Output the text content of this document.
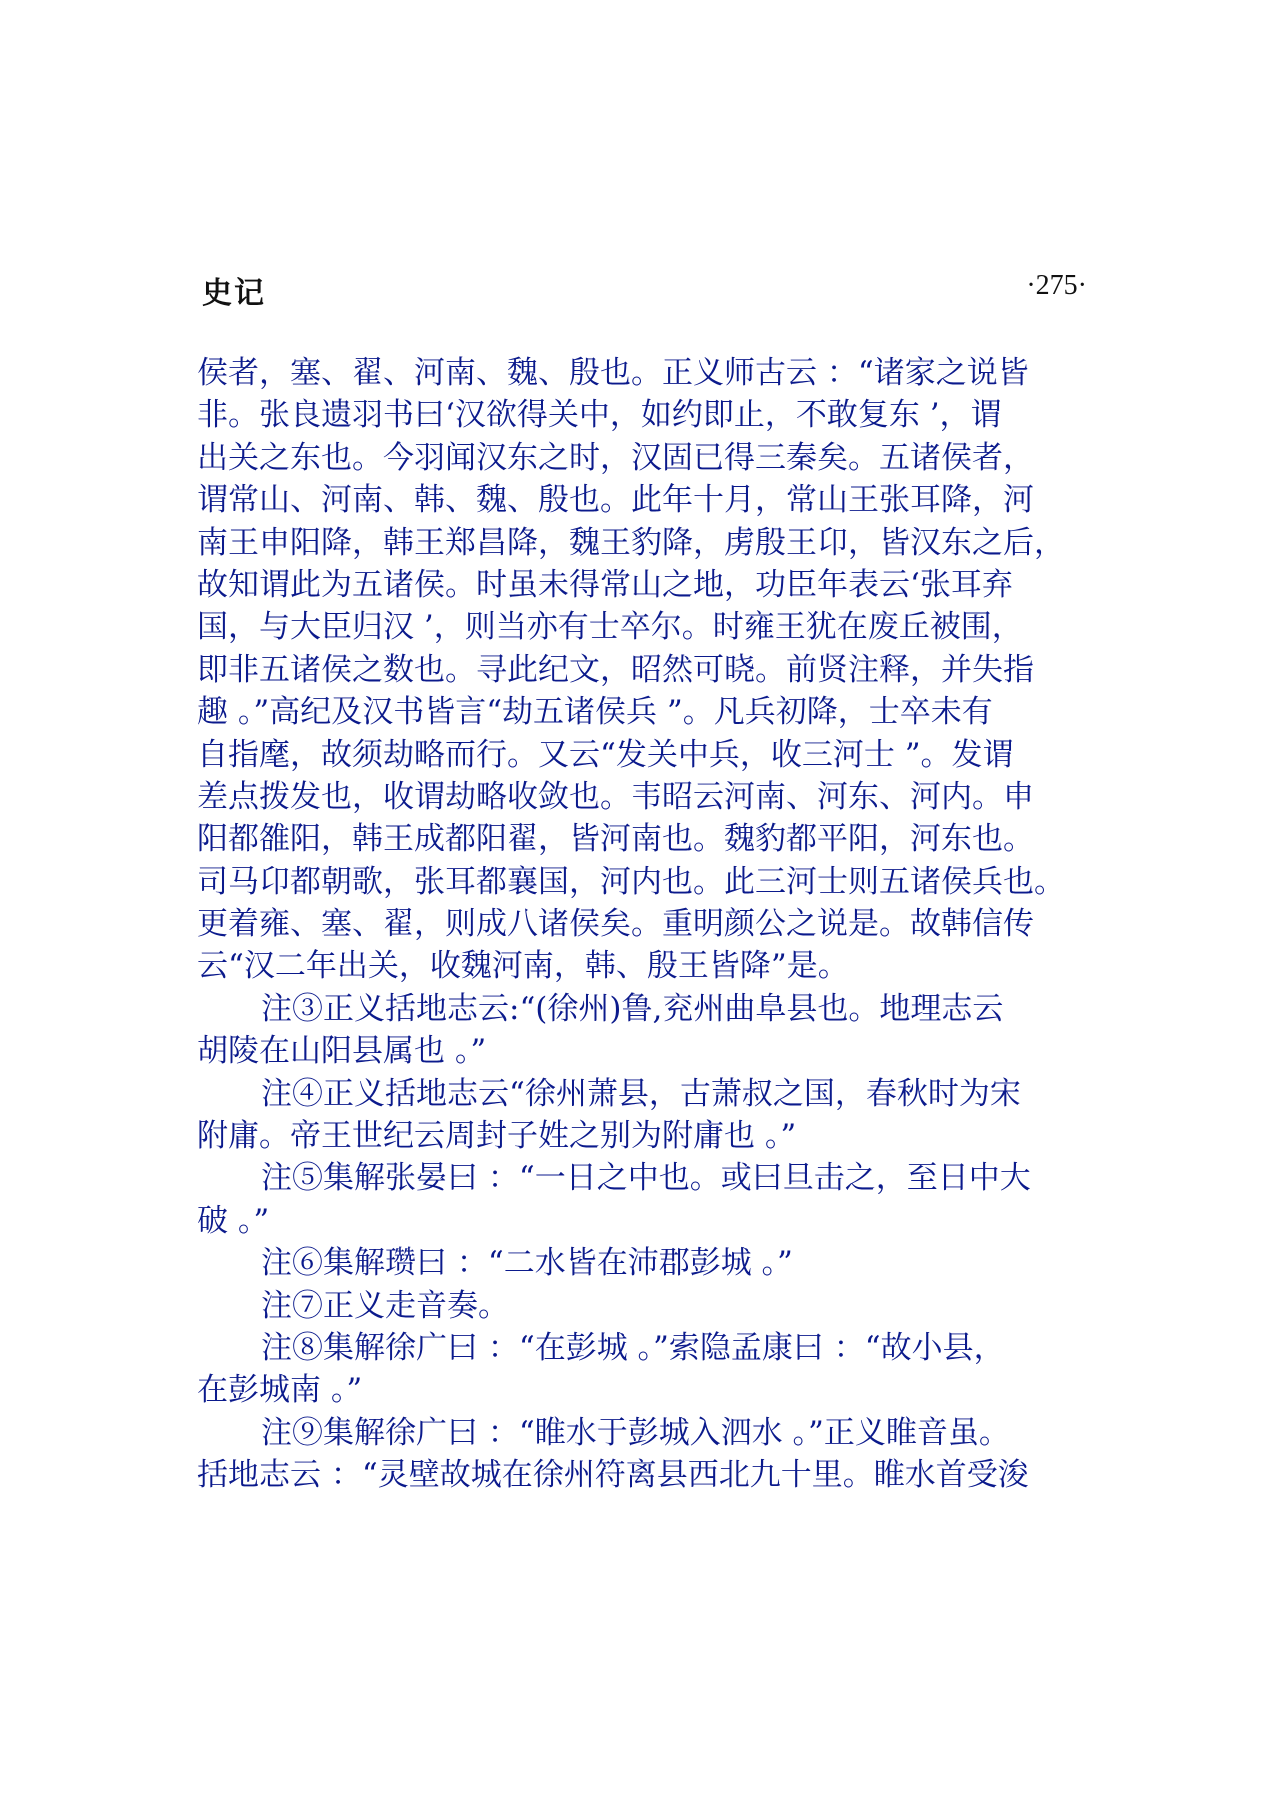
史记	·275·
侯者，塞、翟、河南、魏、殷也。正义师古云 ：“诸家之说皆
非。张良遗羽书曰‘汉欲得关中，如约即止，不敢复东 ’，谓
出关之东也。今羽闻汉东之时，汉固已得三秦矣。五诸侯者，
谓常山、河南、韩、魏、殷也。此年十月，常山王张耳降，河
南王申阳降，韩王郑昌降，魏王豹降，虏殷王卬，皆汉东之后，
故知谓此为五诸侯。时虽未得常山之地，功臣年表云‘张耳弃
国，与大臣归汉 ’，则当亦有士卒尔。时雍王犹在废丘被围，
即非五诸侯之数也。寻此纪文，昭然可晓。前贤注释，并失指
趣 。”高纪及汉书皆言“劫五诸侯兵 ”。凡兵初降，士卒未有
自指麾，故须劫略而行。又云“发关中兵，收三河士 ”。发谓
差点拨发也，收谓劫略收敛也。韦昭云河南、河东、河内。申
阳都雒阳，韩王成都阳翟，皆河南也。魏豹都平阳，河东也。
司马卬都朝歌，张耳都襄国，河内也。此三河士则五诸侯兵也。
更着雍、塞、翟，则成八诸侯矣。重明颜公之说是。故韩信传
云“汉二年出关，收魏河南，韩、殷王皆降”是。
注③正义括地志云:“(徐州)鲁,兖州曲阜县也。地理志云
胡陵在山阳县属也 。”
注④正义括地志云“徐州萧县，古萧叔之国，春秋时为宋
附庸。帝王世纪云周封子姓之别为附庸也 。”
注⑤集解张晏曰 ：“一日之中也。或曰旦击之，至日中大
破 。”
注⑥集解瓒曰 ：“二水皆在沛郡彭城 。”
注⑦正义走音奏。
注⑧集解徐广曰 ：“在彭城 。”索隐孟康曰 ：“故小县，
在彭城南 。”
注⑨集解徐广曰 ：“睢水于彭城入泗水 。”正义睢音虽。
括地志云 ：“灵壁故城在徐州符离县西北九十里。睢水首受浚
